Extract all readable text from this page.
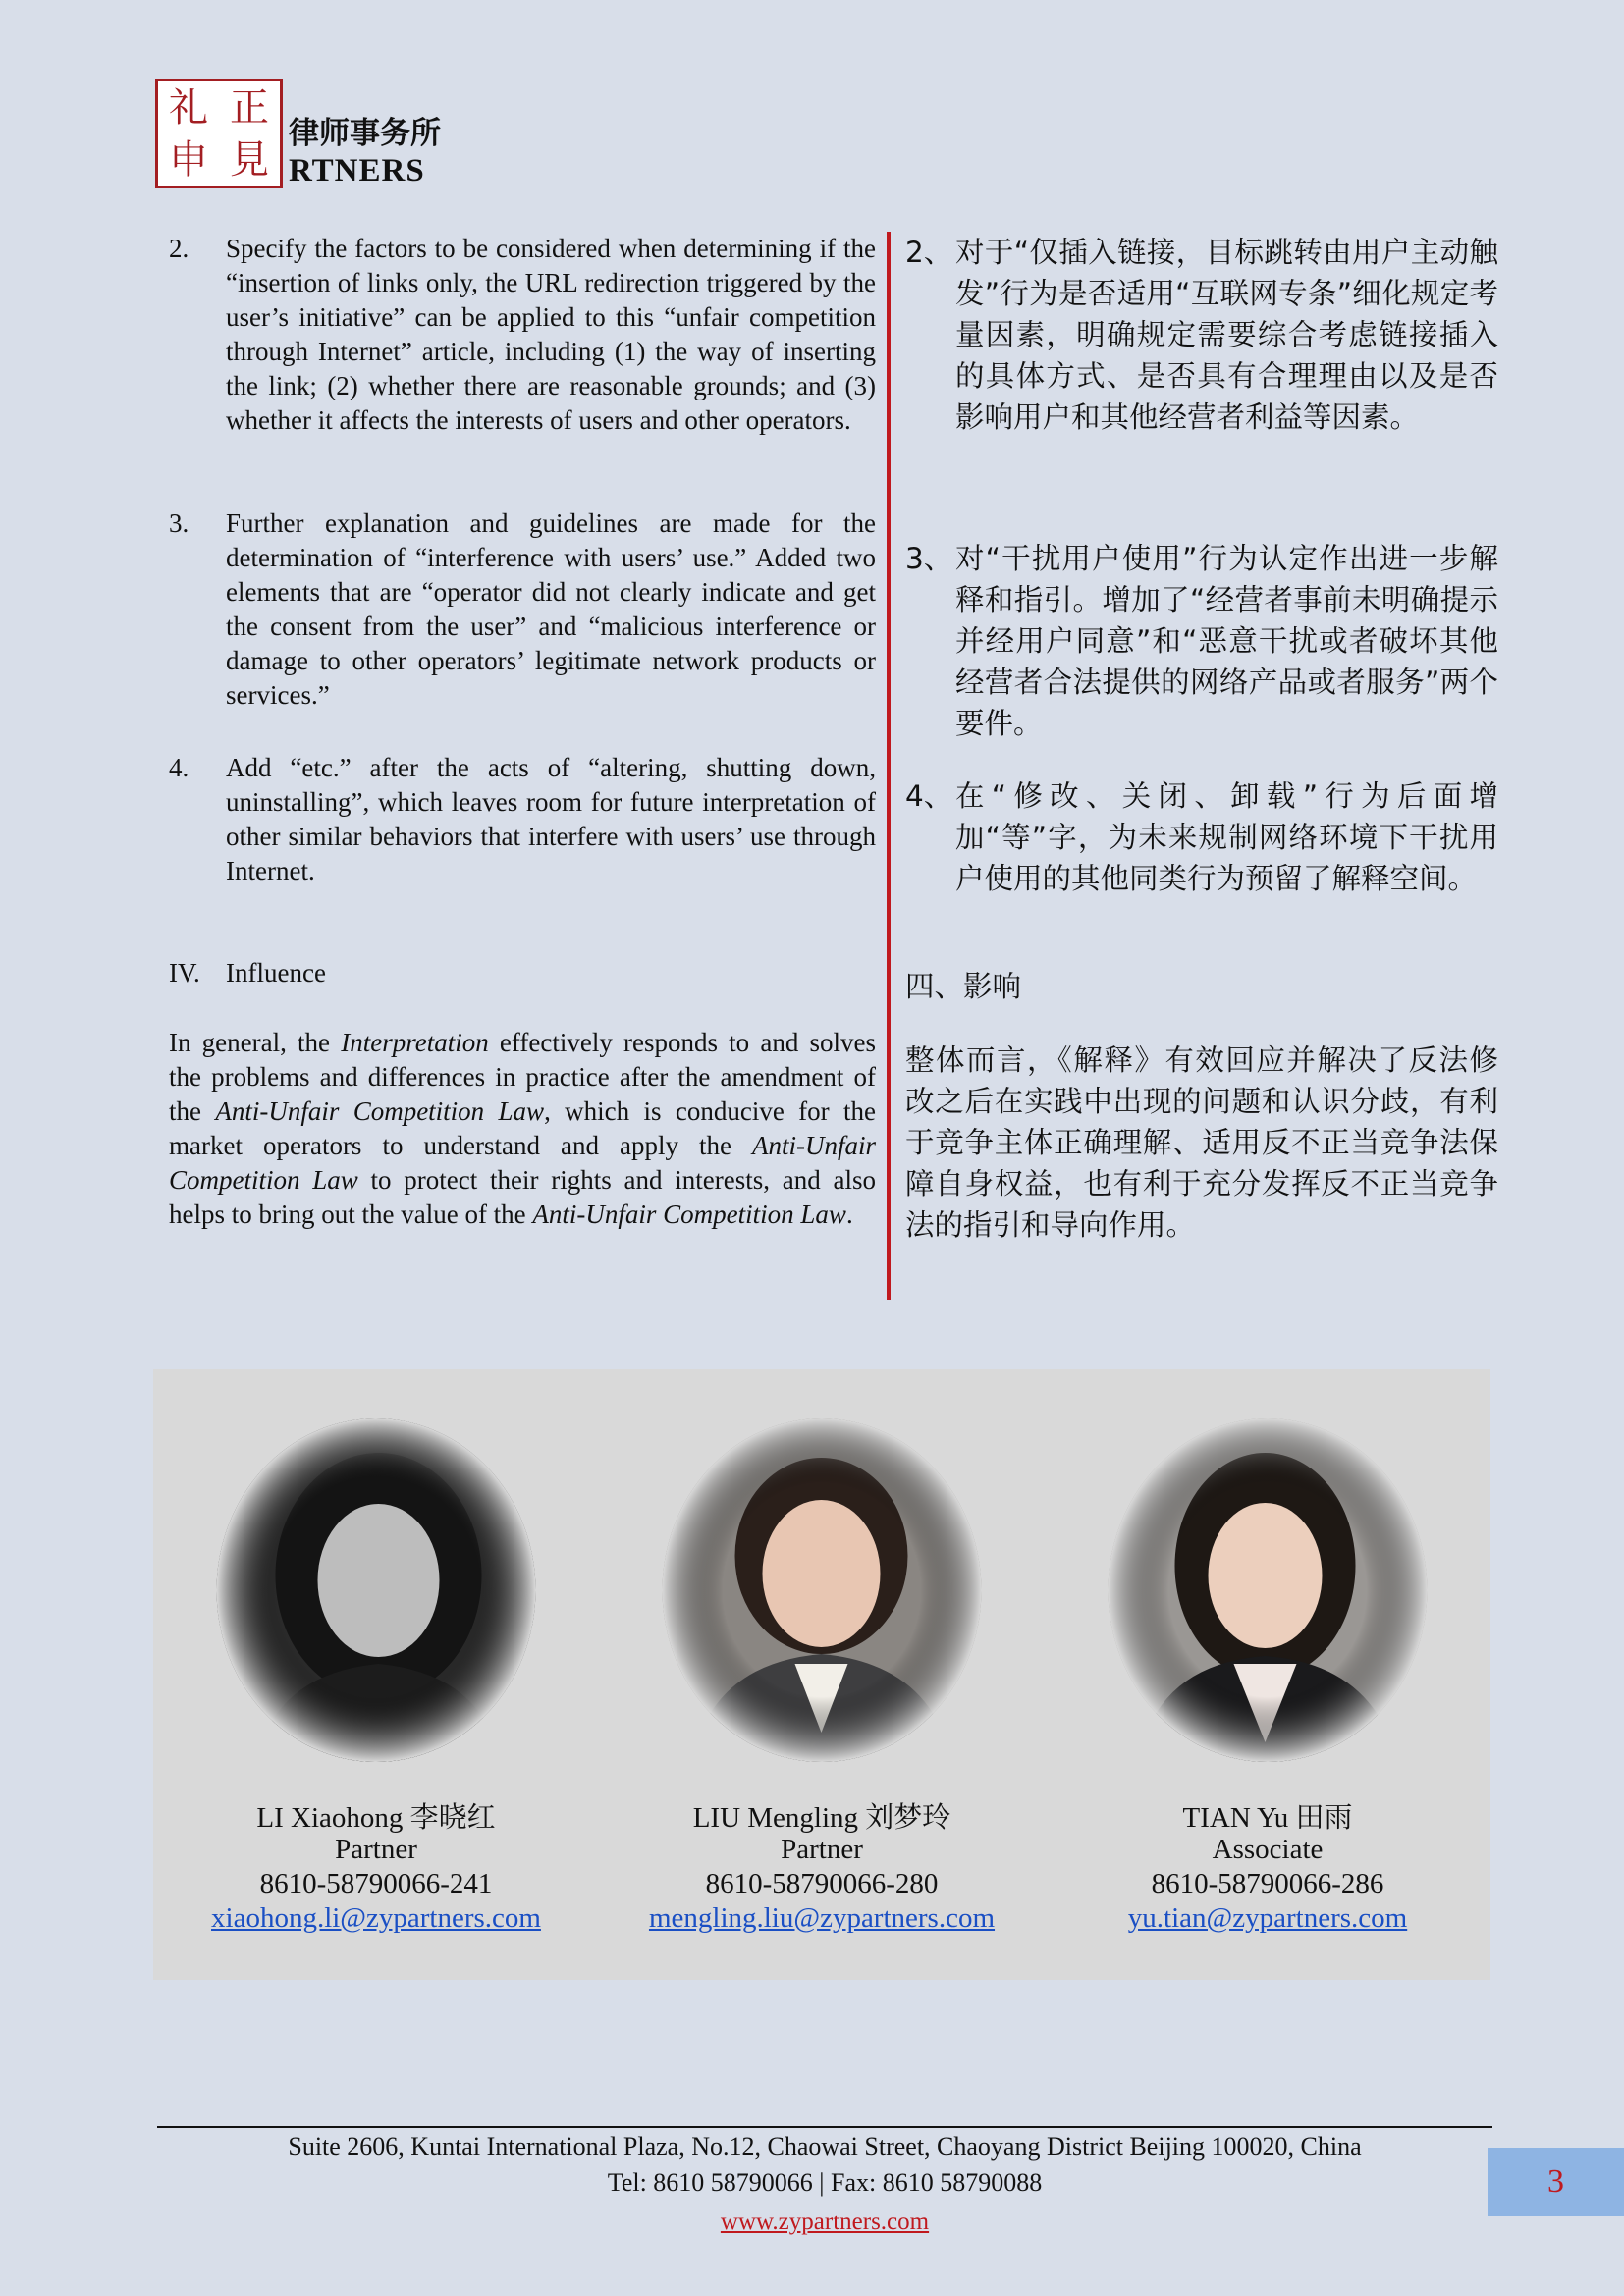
礼 正
申 見
律师事务所
RTNERS
2. Specify the factors to be considered when determining if the “insertion of links only, the URL redirection triggered by the user’s initiative” can be applied to this “unfair competition through Internet” article, including (1) the way of inserting the link; (2) whether there are reasonable grounds; and (3) whether it affects the interests of users and other operators.
3. Further explanation and guidelines are made for the determination of “interference with users’ use.” Added two elements that are “operator did not clearly indicate and get the consent from the user” and “malicious interference or damage to other operators’ legitimate network products or services.”
4. Add “etc.” after the acts of “altering, shutting down, uninstalling”, which leaves room for future interpretation of other similar behaviors that interfere with users’ use through Internet.
IV. Influence
In general, the Interpretation effectively responds to and solves the problems and differences in practice after the amendment of the Anti-Unfair Competition Law, which is conducive for the market operators to understand and apply the Anti-Unfair Competition Law to protect their rights and interests, and also helps to bring out the value of the Anti-Unfair Competition Law.
2、 对于“仅插入链接，目标跳转由用户主动触发”行为是否适用“互联网专条”细化规定考量因素，明确规定需要综合考虑链接插入的具体方式、是否具有合理理由以及是否影响用户和其他经营者利益等因素。
3、 对“干扰用户使用”行为认定作出进一步解释和指引。增加了“经营者事前未明确提示并经用户同意”和“恶意干扰或者破坏其他经营者合法提供的网络产品或者服务”两个要件。
4、 在“修改、关闭、卸载”行为后面增加“等”字，为未来规制网络环境下干扰用户使用的其他同类行为预留了解释空间。
四、影响
整体而言，《解释》有效回应并解决了反法修改之后在实践中出现的问题和认识分歧，有利于竞争主体正确理解、适用反不正当竞争法保障自身权益，也有利于充分发挥反不正当竞争法的指引和导向作用。
LI Xiaohong 李晓红
Partner
8610-58790066-241
xiaohong.li@zypartners.com
LIU Mengling 刘梦玲
Partner
8610-58790066-280
mengling.liu@zypartners.com
TIAN Yu 田雨
Associate
8610-58790066-286
yu.tian@zypartners.com
Suite 2606, Kuntai International Plaza, No.12, Chaowai Street, Chaoyang District Beijing 100020, China
Tel: 8610 58790066 | Fax: 8610 58790088
www.zypartners.com
3
